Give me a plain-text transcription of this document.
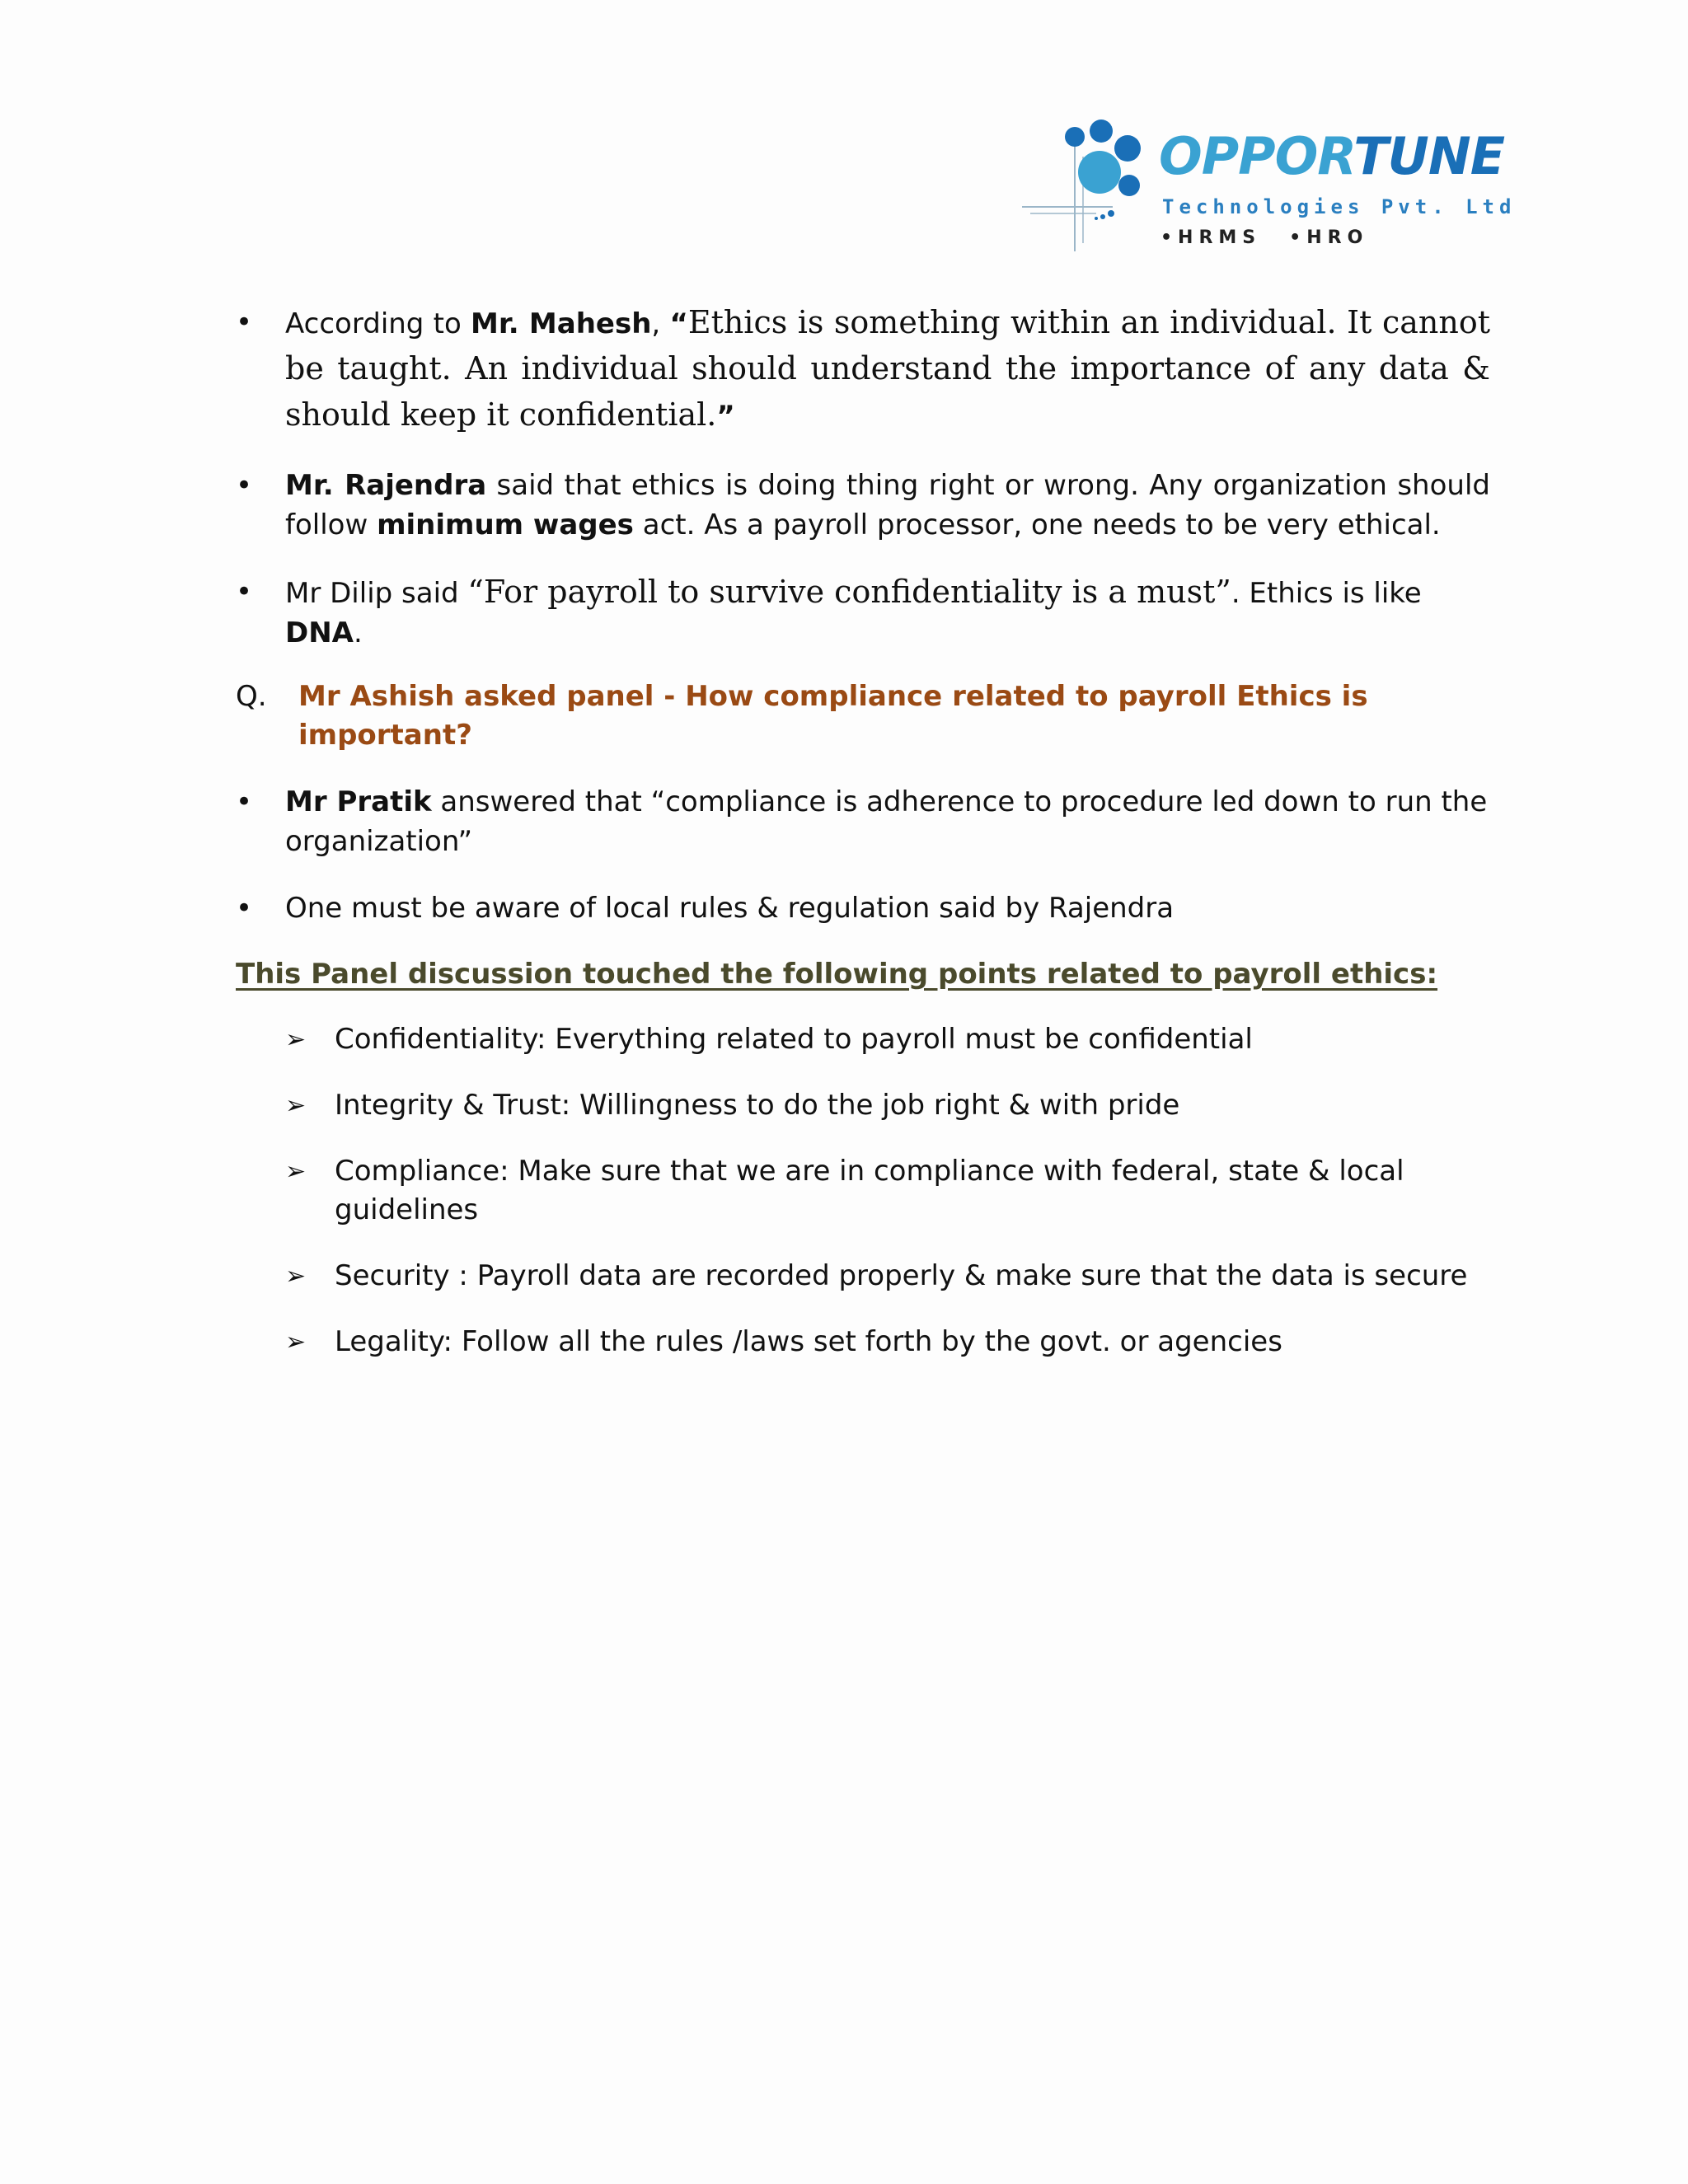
OPPORTUNE
Technologies Pvt. Ltd
•HRMS •HRO
•	According to Mr. Mahesh, “Ethics is something within an individual. It cannot be taught. An individual should understand the importance of any data & should keep it confidential.”
•	Mr. Rajendra said that ethics is doing thing right or wrong. Any organization should follow minimum wages act. As a payroll processor, one needs to be very ethical.
•	Mr Dilip said “For payroll to survive confidentiality is a must”. Ethics is like DNA.
Q. Mr Ashish asked panel - How compliance related to payroll Ethics is important?
•	Mr Pratik answered that “compliance is adherence to procedure led down to run the organization”
•	One must be aware of local rules & regulation said by Rajendra
This Panel discussion touched the following points related to payroll ethics:
➢ Confidentiality: Everything related to payroll must be confidential
➢ Integrity & Trust: Willingness to do the job right & with pride
➢ Compliance: Make sure that we are in compliance with federal, state & local guidelines
➢ Security : Payroll data are recorded properly & make sure that the data is secure
➢ Legality: Follow all the rules /laws set forth by the govt. or agencies
